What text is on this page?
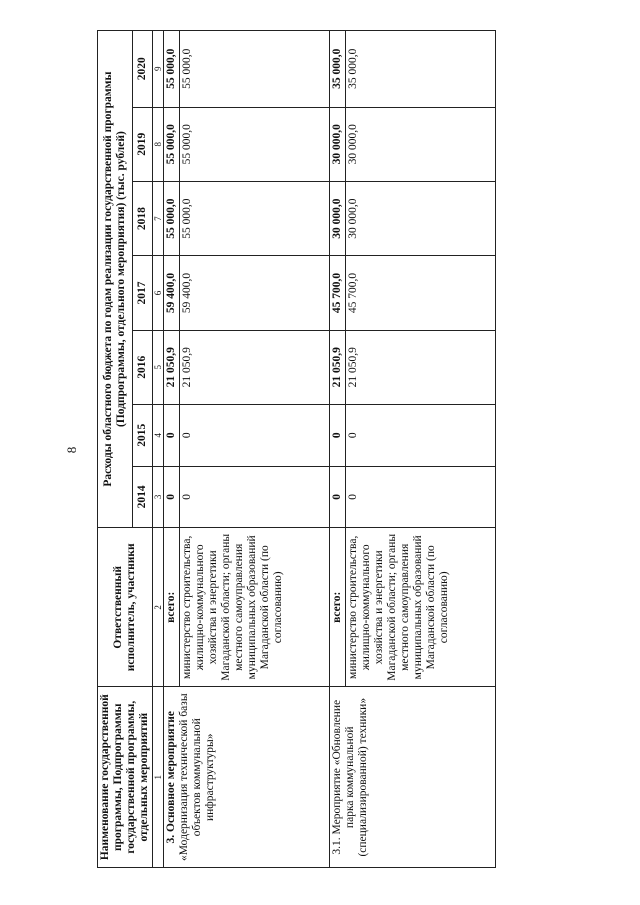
8
Наименование государственной программы, Подпрограммы государственной программы, отдельных мероприятий	Ответственный исполнитель, участники	Расходы областного бюджета по годам реализации государственной программы (Подпрограммы, отдельного мероприятия) (тыс. рублей)						
		2014	2015	2016	2017	2018	2019	2020
1	2	3	4	5	6	7	8	9
3. Основное мероприятие «Модернизация технической базы объектов коммунальной инфраструктуры»	всего:	0	0	21 050,9	59 400,0	55 000,0	55 000,0	55 000,0
	министерство строительства, жилищно-коммунального хозяйства и энергетики Магаданской области; органы местного самоуправления муниципальных образований Магаданской области (по согласованию)	0	0	21 050,9	59 400,0	55 000,0	55 000,0	55 000,0
3.1. Мероприятие «Обновление парка коммунальной (специализированной) техники»	всего:	0	0	21 050,9	45 700,0	30 000,0	30 000,0	35 000,0
	министерство строительства, жилищно-коммунального хозяйства и энергетики Магаданской области; органы местного самоуправления муниципальных образований Магаданской области (по согласованию)	0	0	21 050,9	45 700,0	30 000,0	30 000,0	35 000,0
